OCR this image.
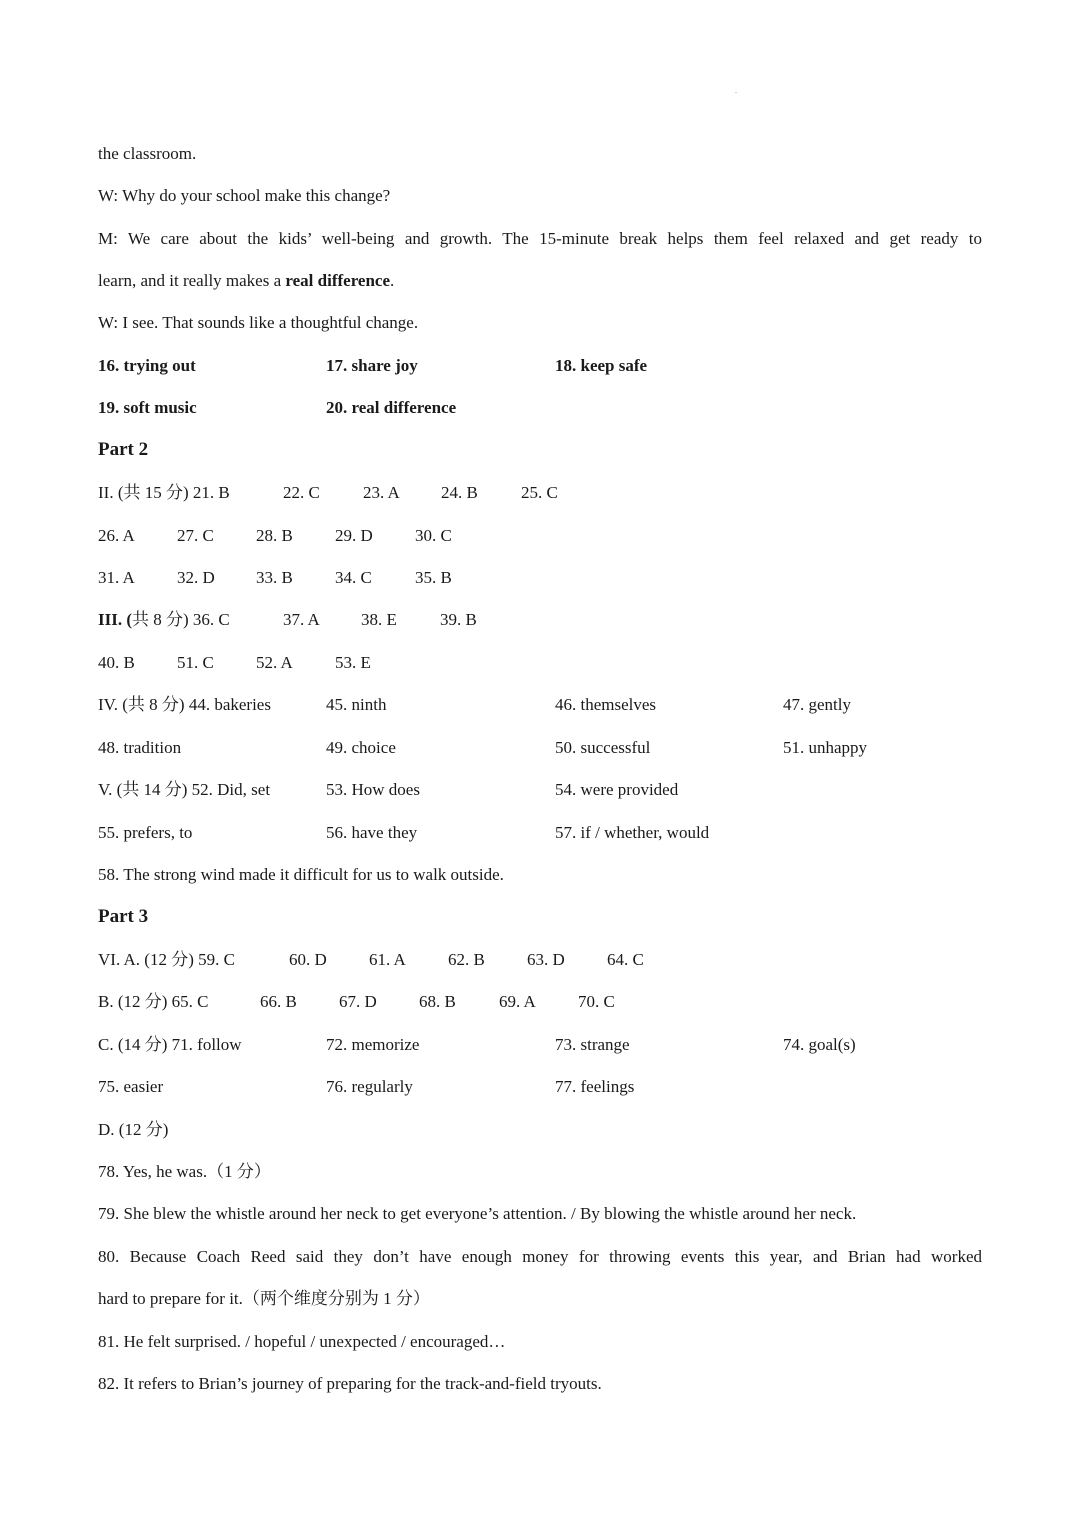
the classroom.
W: Why do your school make this change?
M: We care about the kids’ well-being and growth. The 15-minute break helps them feel relaxed and get ready to
learn, and it really makes a real difference.
W: I see. That sounds like a thoughtful change.
16. trying out	17. share joy	18. keep safe
19. soft music	20. real difference
Part 2
II. (共 15 分) 21. B	22. C	23. A 24. B	25. C
26. A 27. C 28. B 29. D 30. C
31. A 32. D 33. B 34. C	35. B
III. (共 8 分) 36. C	37. A 38. E	39. B
40. B 51. C 52. A 53. E
IV. (共 8 分) 44. bakeries	45. ninth	46. themselves	47. gently
48. tradition	49. choice	50. successful	51. unhappy
V. (共 14 分) 52. Did, set	53. How does	54. were provided
55. prefers, to	56. have they	57. if / whether, would
58. The strong wind made it difficult for us to walk outside.
Part 3
VI. A. (12 分) 59. C	60. D 61. A 62. B 63. D 64. C
B. (12 分) 65. C	66. B 67. D 68. B	69. A 70. C
C. (14 分) 71. follow	72. memorize	73. strange	74. goal(s)
75. easier	76. regularly	77. feelings
D. (12 分)
78. Yes, he was.（1 分）
79. She blew the whistle around her neck to get everyone’s attention. / By blowing the whistle around her neck.
80. Because Coach Reed said they don’t have enough money for throwing events this year, and Brian had worked
hard to prepare for it.（两个维度分别为 1 分）
81. He felt surprised. / hopeful / unexpected / encouraged…
82. It refers to Brian’s journey of preparing for the track-and-field tryouts.
